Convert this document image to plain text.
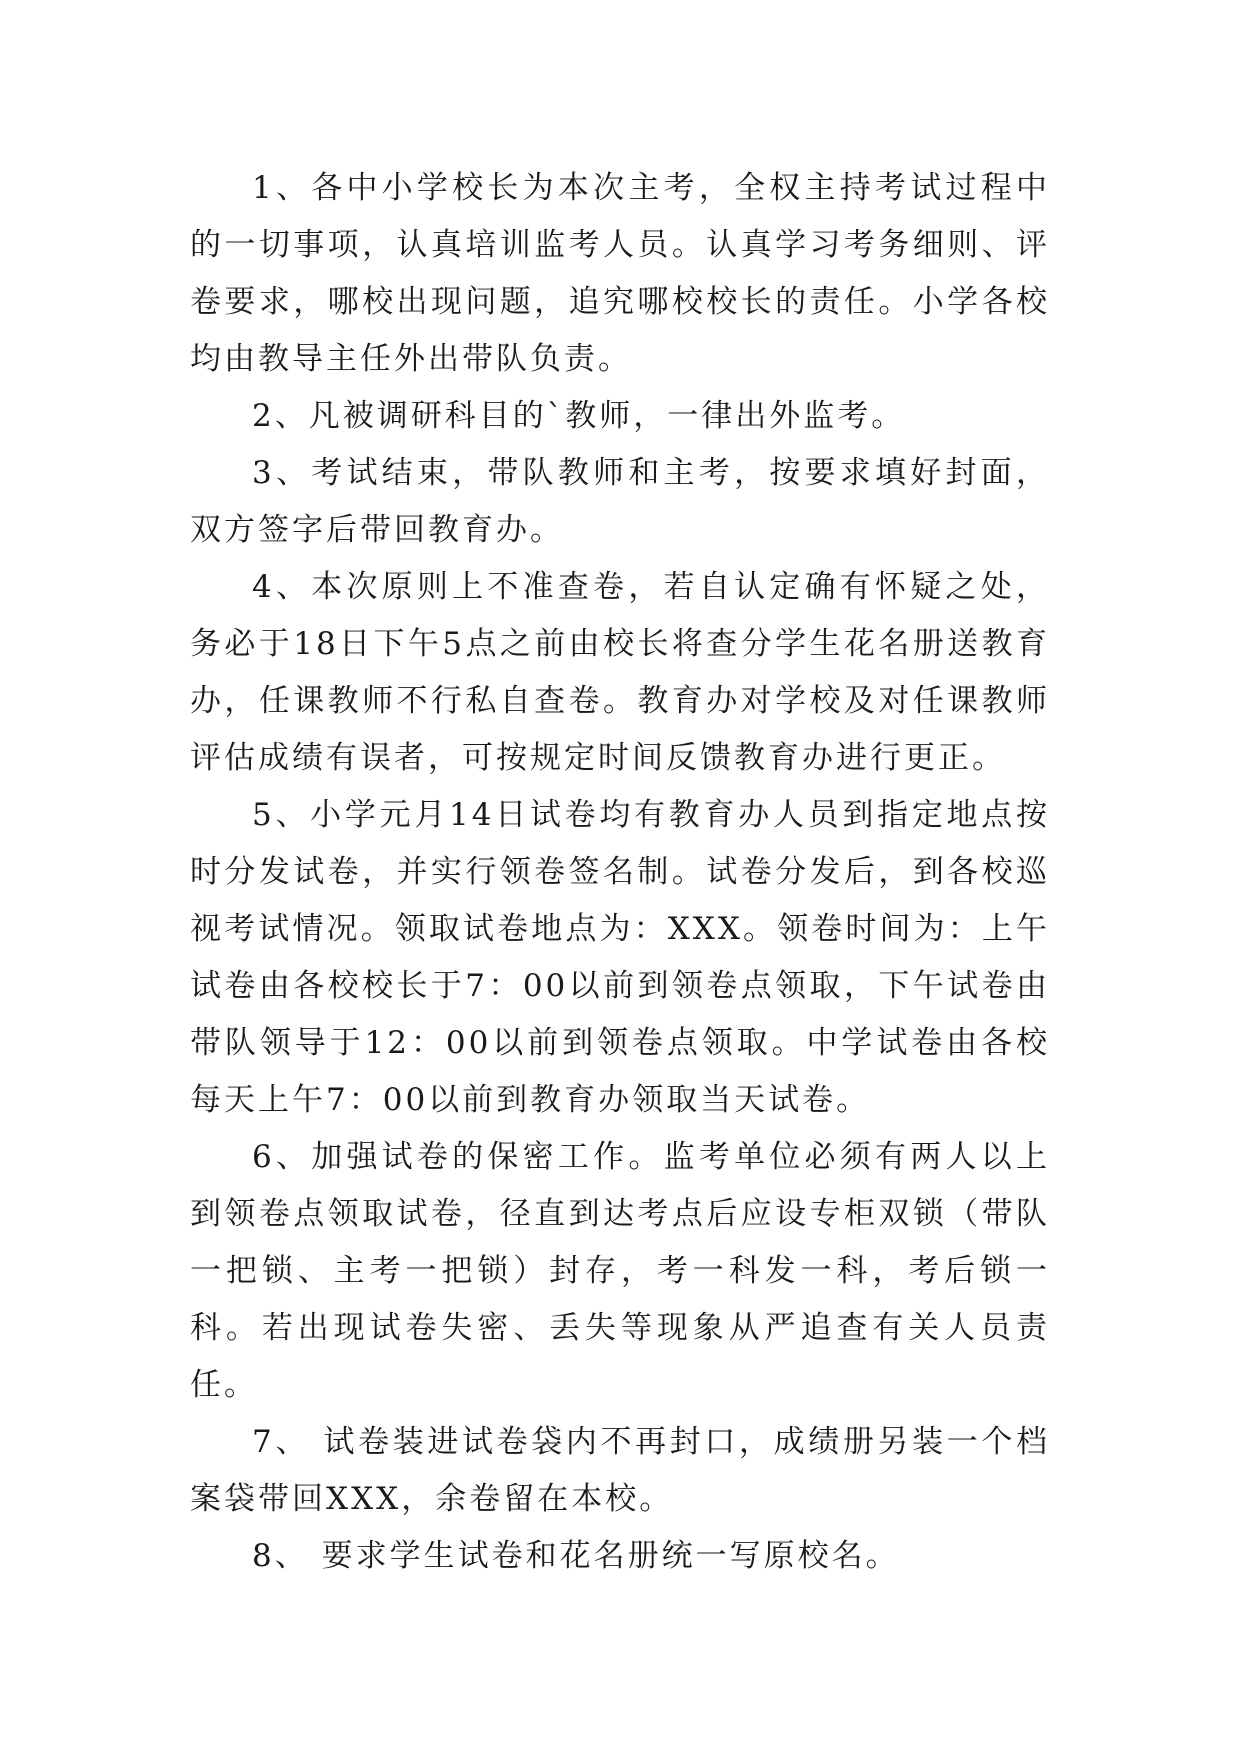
1、各中小学校长为本次主考，全权主持考试过程中的一切事项，认真培训监考人员。认真学习考务细则、评卷要求，哪校出现问题，追究哪校校长的责任。小学各校均由教导主任外出带队负责。

2、凡被调研科目的`教师，一律出外监考。

3、考试结束，带队教师和主考，按要求填好封面，双方签字后带回教育办。

4、本次原则上不准查卷，若自认定确有怀疑之处，务必于18日下午5点之前由校长将查分学生花名册送教育办，任课教师不行私自查卷。教育办对学校及对任课教师评估成绩有误者，可按规定时间反馈教育办进行更正。

5、小学元月14日试卷均有教育办人员到指定地点按时分发试卷，并实行领卷签名制。试卷分发后，到各校巡视考试情况。领取试卷地点为：XXX。领卷时间为：上午试卷由各校校长于7：00以前到领卷点领取，下午试卷由带队领导于12：00以前到领卷点领取。中学试卷由各校每天上午7：00以前到教育办领取当天试卷。

6、加强试卷的保密工作。监考单位必须有两人以上到领卷点领取试卷，径直到达考点后应设专柜双锁（带队一把锁、主考一把锁）封存，考一科发一科，考后锁一科。若出现试卷失密、丢失等现象从严追查有关人员责任。

7、 试卷装进试卷袋内不再封口，成绩册另装一个档案袋带回XXX，余卷留在本校。

8、 要求学生试卷和花名册统一写原校名。
